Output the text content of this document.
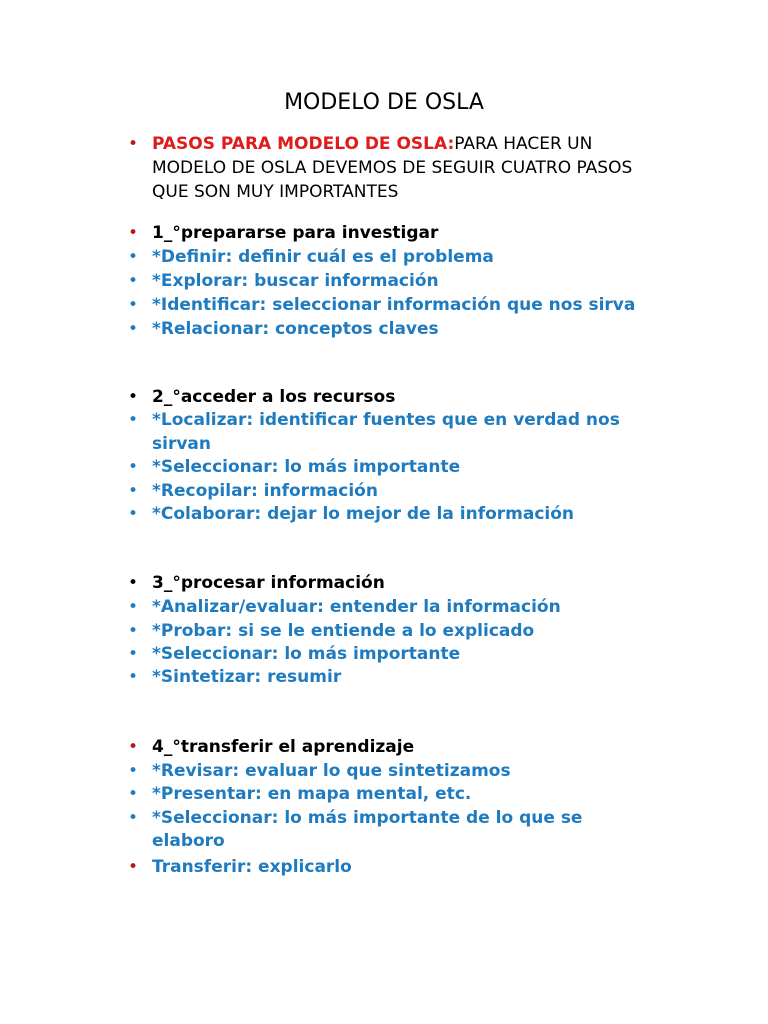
MODELO DE OSLA
• PASOS PARA MODELO DE OSLA:PARA HACER UN
MODELO DE OSLA DEVEMOS DE SEGUIR CUATRO PASOS
QUE SON MUY IMPORTANTES
• 1_°prepararse para investigar
• *Definir: definir cuál es el problema
• *Explorar: buscar información
• *Identificar: seleccionar información que nos sirva
• *Relacionar: conceptos claves
• 2_°acceder a los recursos
• *Localizar: identificar fuentes que en verdad nos
sirvan
• *Seleccionar: lo más importante
• *Recopilar: información
• *Colaborar: dejar lo mejor de la información
• 3_°procesar información
• *Analizar/evaluar: entender la información
• *Probar: si se le entiende a lo explicado
• *Seleccionar: lo más importante
• *Sintetizar: resumir
• 4_°transferir el aprendizaje
• *Revisar: evaluar lo que sintetizamos
• *Presentar: en mapa mental, etc.
• *Seleccionar: lo más importante de lo que se
elaboro
• Transferir: explicarlo
